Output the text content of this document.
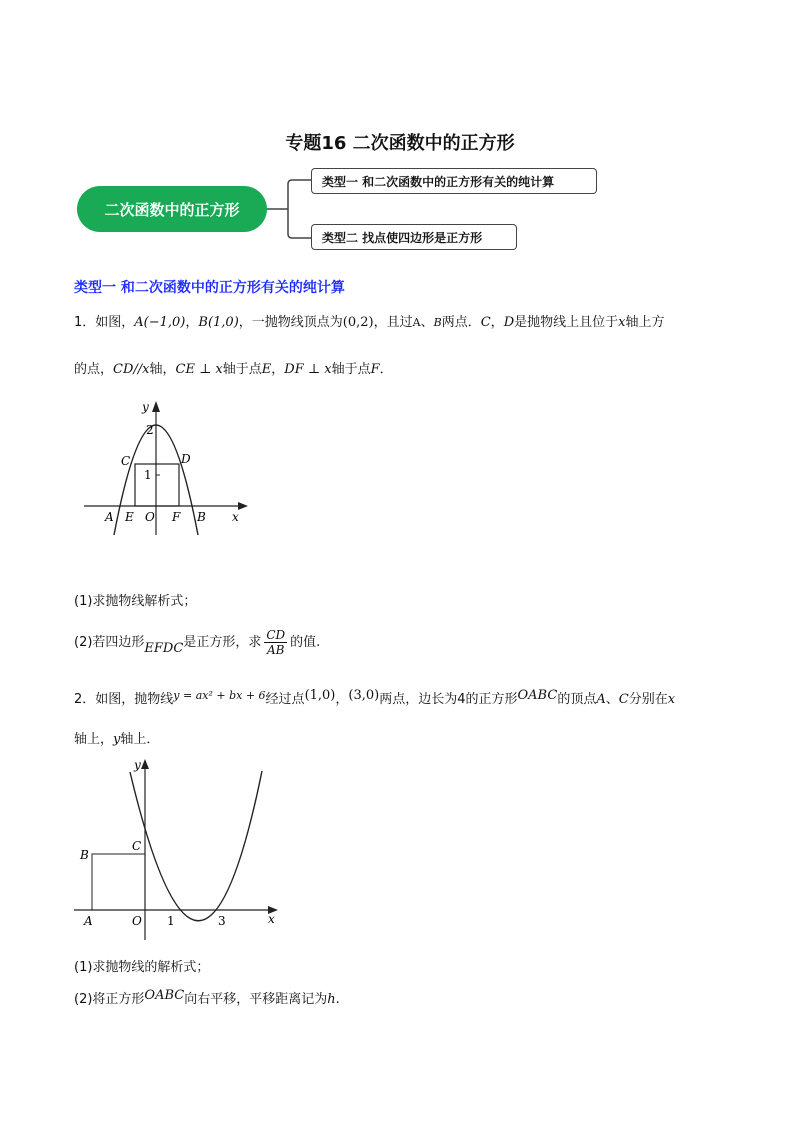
专题16 二次函数中的正方形
二次函数中的正方形
类型一 和二次函数中的正方形有关的纯计算
类型二 找点使四边形是正方形
类型一 和二次函数中的正方形有关的纯计算
1．如图，A(−1,0)，B(1,0)，一抛物线顶点为(0,2)，且过A、B两点．C，D是抛物线上且位于x轴上方
的点，CD//x轴，CE ⊥ x轴于点E，DF ⊥ x轴于点F．
y
x
2
1
C	D
A E O F B
(1)求抛物线解析式；
(2)若四边形EFDC是正方形，求 $\frac{CD}{AB}$ 的值.
2．如图，抛物线$^{y = ax^2 + bx + 6}$经过点(1,0)，(3,0)两点，边长为4的正方形OABC的顶点A、C分别在x
轴上，y轴上．
y
x
B
C
A	O 1	3
(1)求抛物线的解析式；
(2)将正方形OABC向右平移，平移距离记为h.
